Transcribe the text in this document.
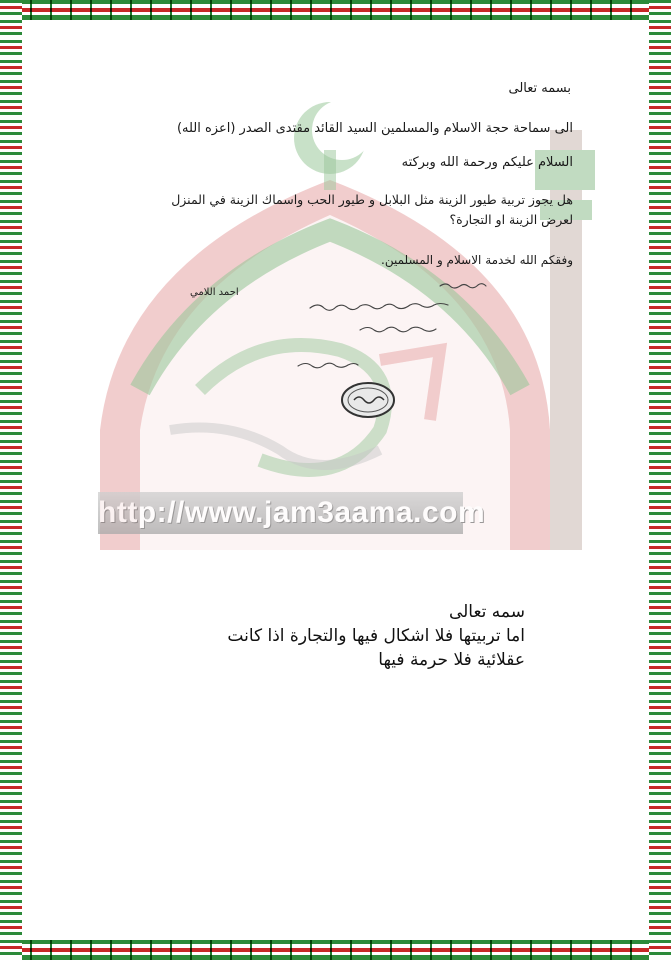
http://www.jam3aama.com
بسمه تعالى
الى سماحة حجة الاسلام والمسلمين السيد القائد مقتدى الصدر (اعزه الله)
السلام عليكم ورحمة الله وبركته
هل يجوز تربية طيور الزينة مثل البلابل و طيور الحب واسماك الزينة في المنزل
لعرض الزينة او التجارة؟
وفقكم الله لخدمة الاسلام و المسلمين.
احمد اللامي
سمه تعالى
اما تربيتها فلا اشكال فيها والتجارة اذا كانت
عقلائية فلا حرمة فيها
